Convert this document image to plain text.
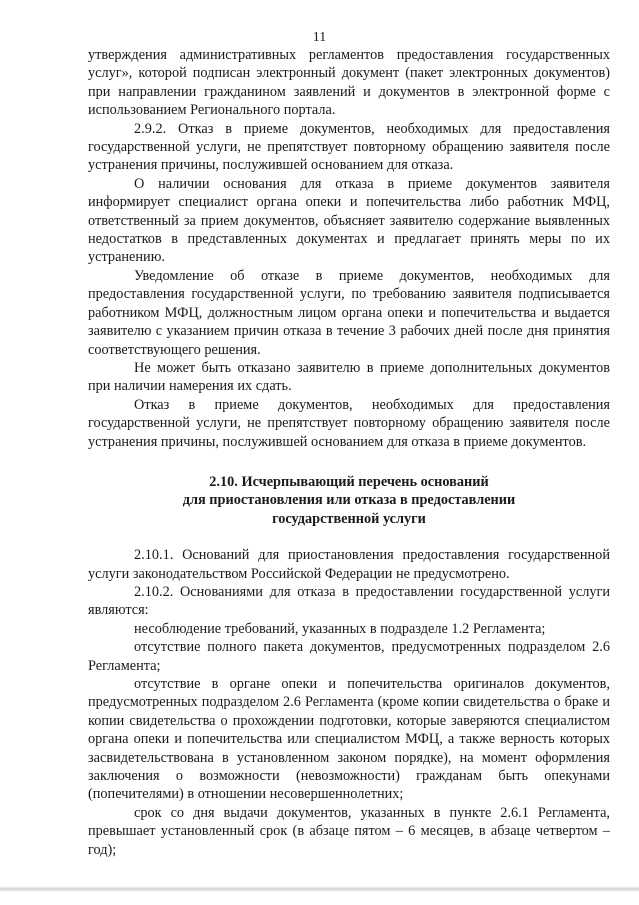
11

утверждения административных регламентов предоставления государственных услуг», которой подписан электронный документ (пакет электронных документов) при направлении гражданином заявлений и документов в электронной форме с использованием Регионального портала.

2.9.2. Отказ в приеме документов, необходимых для предоставления государственной услуги, не препятствует повторному обращению заявителя после устранения причины, послужившей основанием для отказа.

О наличии основания для отказа в приеме документов заявителя информирует специалист органа опеки и попечительства либо работник МФЦ, ответственный за прием документов, объясняет заявителю содержание выявленных недостатков в представленных документах и предлагает принять меры по их устранению.

Уведомление об отказе в приеме документов, необходимых для предоставления государственной услуги, по требованию заявителя подписывается работником МФЦ, должностным лицом органа опеки и попечительства и выдается заявителю с указанием причин отказа в течение 3 рабочих дней после дня принятия соответствующего решения.

Не может быть отказано заявителю в приеме дополнительных документов при наличии намерения их сдать.

Отказ в приеме документов, необходимых для предоставления государственной услуги, не препятствует повторному обращению заявителя после устранения причины, послужившей основанием для отказа в приеме документов.

2.10. Исчерпывающий перечень оснований
для приостановления или отказа в предоставлении
государственной услуги

2.10.1. Оснований для приостановления предоставления государственной услуги законодательством Российской Федерации не предусмотрено.

2.10.2. Основаниями для отказа в предоставлении государственной услуги являются:

несоблюдение требований, указанных в подразделе 1.2 Регламента;

отсутствие полного пакета документов, предусмотренных подразделом 2.6 Регламента;

отсутствие в органе опеки и попечительства оригиналов документов, предусмотренных подразделом 2.6 Регламента (кроме копии свидетельства о браке и копии свидетельства о прохождении подготовки, которые заверяются специалистом органа опеки и попечительства или специалистом МФЦ, а также верность которых засвидетельствована в установленном законом порядке), на момент оформления заключения о возможности (невозможности) гражданам быть опекунами (попечителями) в отношении несовершеннолетних;

срок со дня выдачи документов, указанных в пункте 2.6.1 Регламента, превышает установленный срок (в абзаце пятом – 6 месяцев, в абзаце четвертом – год);
